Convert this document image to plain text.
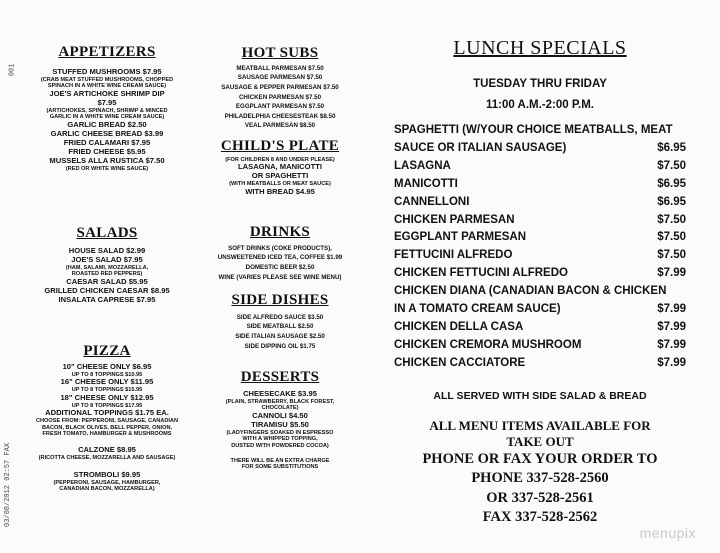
03/08/2012 02:57 FAX
001
APPETIZERS
STUFFED MUSHROOMS $7.95
(CRAB MEAT STUFFED MUSHROOMS, CHOPPED
SPINACH IN A WHITE WINE CREAM SAUCE)
JOE'S ARTICHOKE SHRIMP DIP
$7.95
(ARTICHOKES, SPINACH, SHRIMP & MINCED
GARLIC IN A WHITE WINE CREAM SAUCE)
GARLIC BREAD $2.50
GARLIC CHEESE BREAD $3.99
FRIED CALAMARI $7.95
FRIED CHEESE $5.95
MUSSELS ALLA RUSTICA $7.50
(RED OR WHITE WINE SAUCE)
SALADS
HOUSE SALAD $2.99
JOE'S SALAD $7.95
(HAM, SALAMI, MOZZARELLA,
ROASTED RED PEPPERS)
CAESAR SALAD $5.95
GRILLED CHICKEN CAESAR $8.95
INSALATA CAPRESE $7.95
PIZZA
10" CHEESE ONLY $6.95
UP TO 8 TOPPINGS $10.95
16" CHEESE ONLY $11.95
UP TO 8 TOPPINGS $15.95
18" CHEESE ONLY $12.95
UP TO 8 TOPPINGS $17.95
ADDITIONAL TOPPINGS $1.75 EA.
CHOOSE FROM: PEPPERONI, SAUSAGE, CANADIAN
BACON, BLACK OLIVES, BELL PEPPER, ONION,
FRESH TOMATO, HAMBURGER & MUSHROOMS
CALZONE $8.95
(RICOTTA CHEESE, MOZZARELLA AND SAUSAGE)
STROMBOLI $9.95
(PEPPERONI, SAUSAGE, HAMBURGER,
CANADIAN BACON, MOZZARELLA)
HOT SUBS
MEATBALL PARMESAN $7.50
SAUSAGE PARMESAN $7.50
SAUSAGE & PEPPER PARMESAN $7.50
CHICKEN PARMESAN $7.50
EGGPLANT PARMESAN $7.50
PHILADELPHIA CHEESESTEAK $8.50
VEAL PARMESAN $8.50
CHILD'S PLATE
(FOR CHILDREN 8 AND UNDER PLEASE)
LASAGNA, MANICOTTI
OR SPAGHETTI
(WITH MEATBALLS OR MEAT SAUCE)
WITH BREAD $4.95
DRINKS
SOFT DRINKS (COKE PRODUCTS),
UNSWEETENED ICED TEA, COFFEE $1.99
DOMESTIC BEER $2.50
WINE (VARIES PLEASE SEE WINE MENU)
SIDE DISHES
SIDE ALFREDO SAUCE $3.50
SIDE MEATBALL $2.50
SIDE ITALIAN SAUSAGE $2.50
SIDE DIPPING OIL $1.75
DESSERTS
CHEESECAKE $3.95
(PLAIN, STRAWBERRY, BLACK FOREST,
CHOCOLATE)
CANNOLI $4.50
TIRAMISU $5.50
(LADYFINGERS SOAKED IN ESPRESSO
WITH A WHIPPED TOPPING,
DUSTED WITH POWDERED COCOA)
THERE WILL BE AN EXTRA CHARGE
FOR SOME SUBSTITUTIONS
LUNCH SPECIALS
TUESDAY THRU FRIDAY
11:00 A.M.-2:00 P.M.
SPAGHETTI (W/YOUR CHOICE MEATBALLS, MEAT
SAUCE OR ITALIAN SAUSAGE)	$6.95
LASAGNA	$7.50
MANICOTTI	$6.95
CANNELLONI	$6.95
CHICKEN PARMESAN	$7.50
EGGPLANT PARMESAN	$7.50
FETTUCINI ALFREDO	$7.50
CHICKEN FETTUCINI ALFREDO	$7.99
CHICKEN DIANA (CANADIAN BACON & CHICKEN
IN A TOMATO CREAM SAUCE)	$7.99
CHICKEN DELLA CASA	$7.99
CHICKEN CREMORA MUSHROOM	$7.99
CHICKEN CACCIATORE	$7.99
ALL SERVED WITH SIDE SALAD & BREAD
ALL MENU ITEMS AVAILABLE FOR
TAKE OUT
PHONE OR FAX YOUR ORDER TO
PHONE 337-528-2560
OR 337-528-2561
FAX 337-528-2562
menupix
